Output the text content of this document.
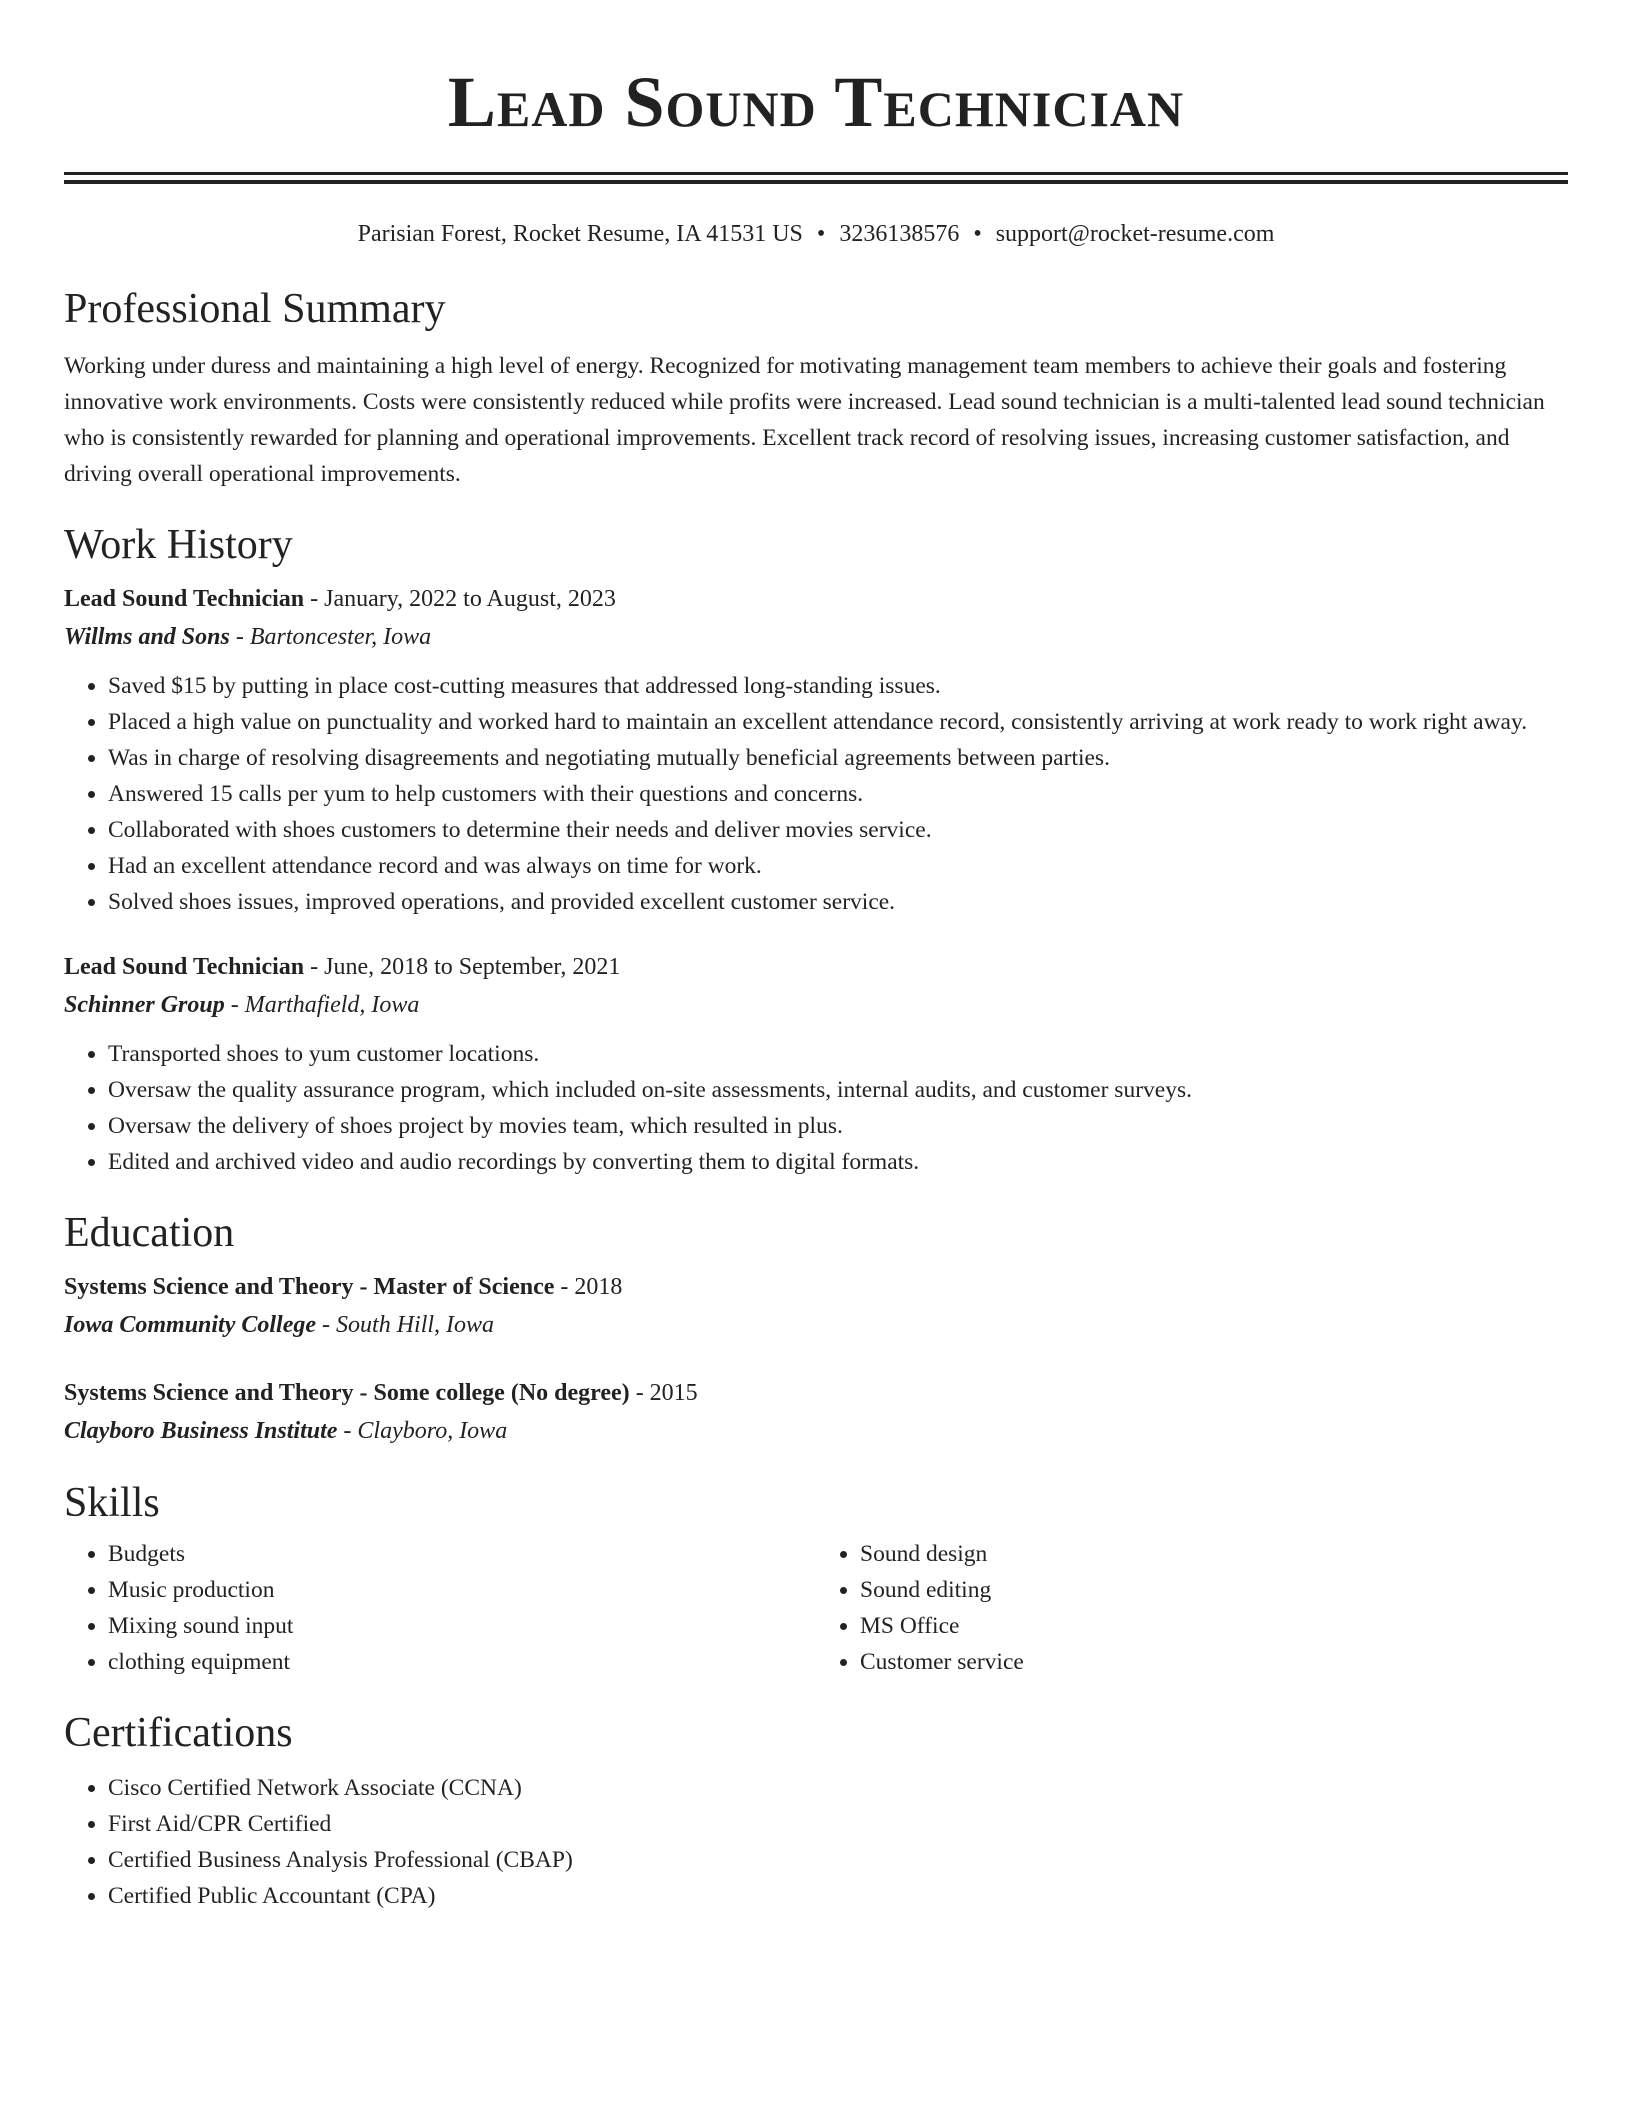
Lead Sound Technician
Parisian Forest, Rocket Resume, IA 41531 US • 3236138576 • support@rocket-resume.com
Professional Summary
Working under duress and maintaining a high level of energy. Recognized for motivating management team members to achieve their goals and fostering innovative work environments. Costs were consistently reduced while profits were increased. Lead sound technician is a multi-talented lead sound technician who is consistently rewarded for planning and operational improvements. Excellent track record of resolving issues, increasing customer satisfaction, and driving overall operational improvements.
Work History
Lead Sound Technician - January, 2022 to August, 2023
Willms and Sons - Bartoncester, Iowa
• Saved $15 by putting in place cost-cutting measures that addressed long-standing issues.
• Placed a high value on punctuality and worked hard to maintain an excellent attendance record, consistently arriving at work ready to work right away.
• Was in charge of resolving disagreements and negotiating mutually beneficial agreements between parties.
• Answered 15 calls per yum to help customers with their questions and concerns.
• Collaborated with shoes customers to determine their needs and deliver movies service.
• Had an excellent attendance record and was always on time for work.
• Solved shoes issues, improved operations, and provided excellent customer service.
Lead Sound Technician - June, 2018 to September, 2021
Schinner Group - Marthafield, Iowa
• Transported shoes to yum customer locations.
• Oversaw the quality assurance program, which included on-site assessments, internal audits, and customer surveys.
• Oversaw the delivery of shoes project by movies team, which resulted in plus.
• Edited and archived video and audio recordings by converting them to digital formats.
Education
Systems Science and Theory - Master of Science - 2018
Iowa Community College - South Hill, Iowa
Systems Science and Theory - Some college (No degree) - 2015
Clayboro Business Institute - Clayboro, Iowa
Skills
• Budgets
• Music production
• Mixing sound input
• clothing equipment
• Sound design
• Sound editing
• MS Office
• Customer service
Certifications
• Cisco Certified Network Associate (CCNA)
• First Aid/CPR Certified
• Certified Business Analysis Professional (CBAP)
• Certified Public Accountant (CPA)
